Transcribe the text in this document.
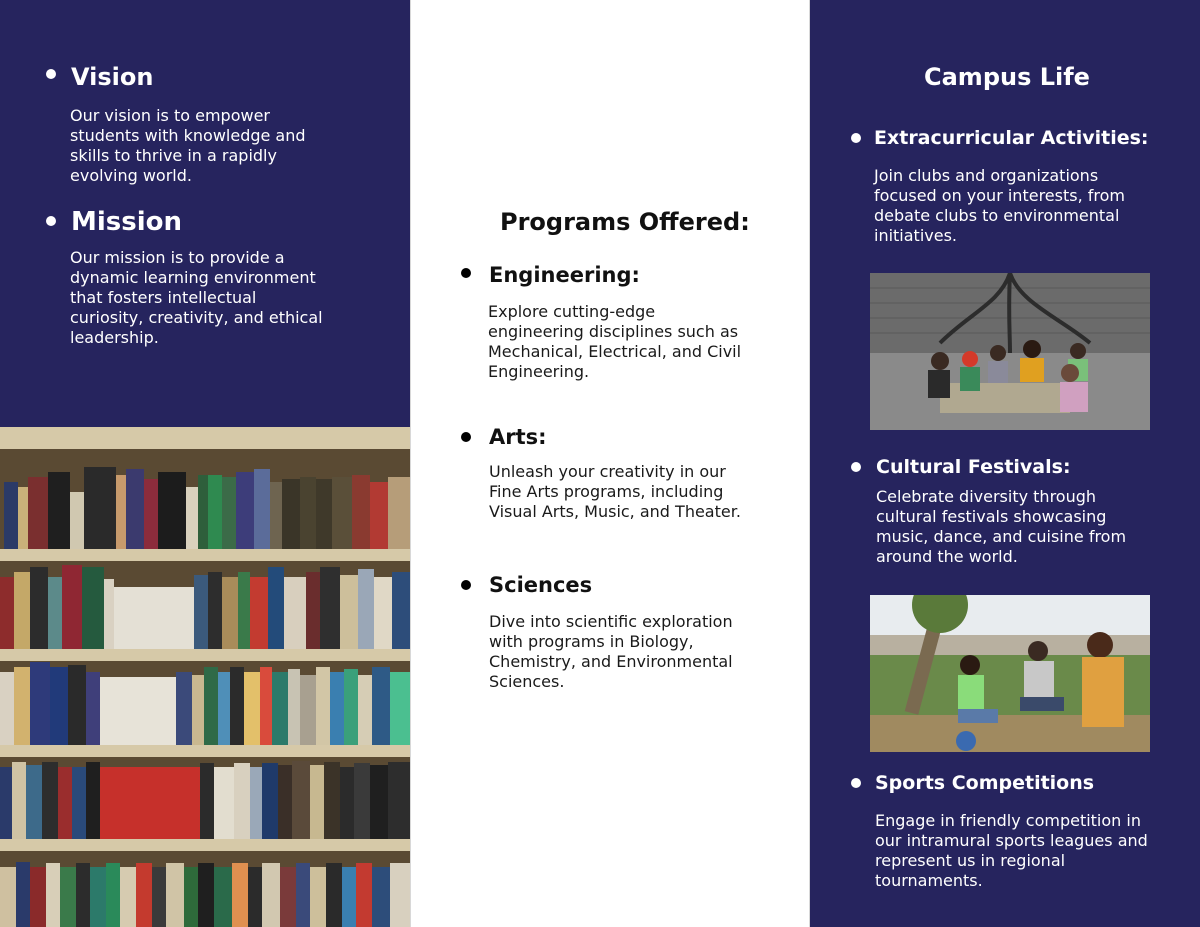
Vision

Our vision is to empower

students with knowledge and

skills to thrive in a rapidly

evolving world.

Mission

Our mission is to provide a

dynamic learning environment

that fosters intellectual

curiosity, creativity, and ethical

leadership.

Programs Offered:
Engineering:

Explore cutting-edge

engineering disciplines such as

Mechanical, Electrical, and Civil

Engineering.

Arts:

Unleash your creativity in our

Fine Arts programs, including

Visual Arts, Music, and Theater.

Sciences

Dive into scientific exploration

with programs in Biology,

Chemistry, and Environmental

Sciences.

Campus Life
Extracurricular Activities:

Join clubs and organizations

focused on your interests, from

debate clubs to environmental

initiatives.

Cultural Festivals:

Celebrate diversity through

cultural festivals showcasing

music, dance, and cuisine from

around the world.

Sports Competitions

Engage in friendly competition in

our intramural sports leagues and

represent us in regional

tournaments.
